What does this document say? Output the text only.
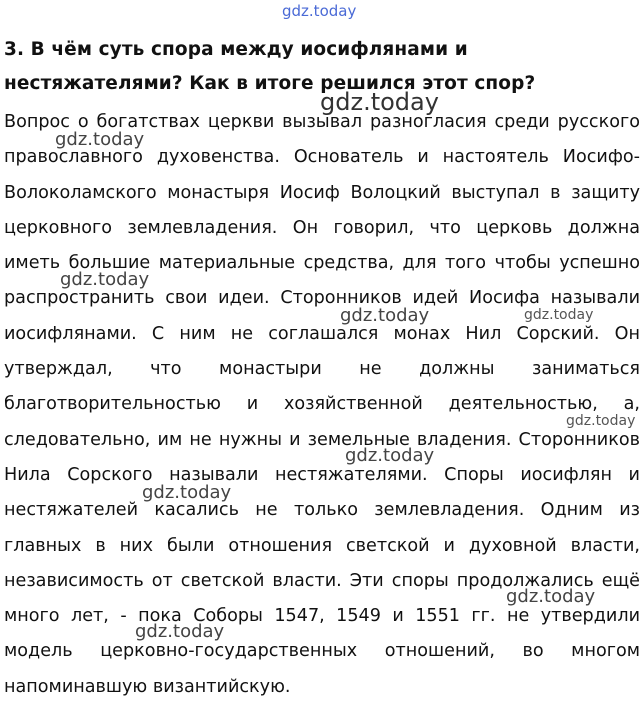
gdz.today

3. В чём суть спора между иосифлянами и нестяжателями? Как в итоге решился этот спор?

Вопрос о богатствах церкви вызывал разногласия среди русского православного духовенства. Основатель и настоятель Иосифо-Волоколамского монастыря Иосиф Волоцкий выступал в защиту церковного землевладения. Он говорил, что церковь должна иметь большие материальные средства, для того чтобы успешно распространить свои идеи. Сторонников идей Иосифа называли иосифлянами. С ним не соглашался монах Нил Сорский. Он утверждал, что монастыри не должны заниматься благотворительностью и хозяйственной деятельностью, а, следовательно, им не нужны и земельные владения. Сторонников Нила Сорского называли нестяжателями. Споры иосифлян и нестяжателей касались не только землевладения. Одним из главных в них были отношения светской и духовной власти, независимость от светской власти. Эти споры продолжались ещё много лет, - пока Соборы 1547, 1549 и 1551 гг. не утвердили модель церковно-государственных отношений, во многом напоминавшую византийскую.

gdz.today
gdz.today
gdz.today
gdz.today	gdz.today
gdz.today
gdz.today
gdz.today
gdz.today
gdz.today
